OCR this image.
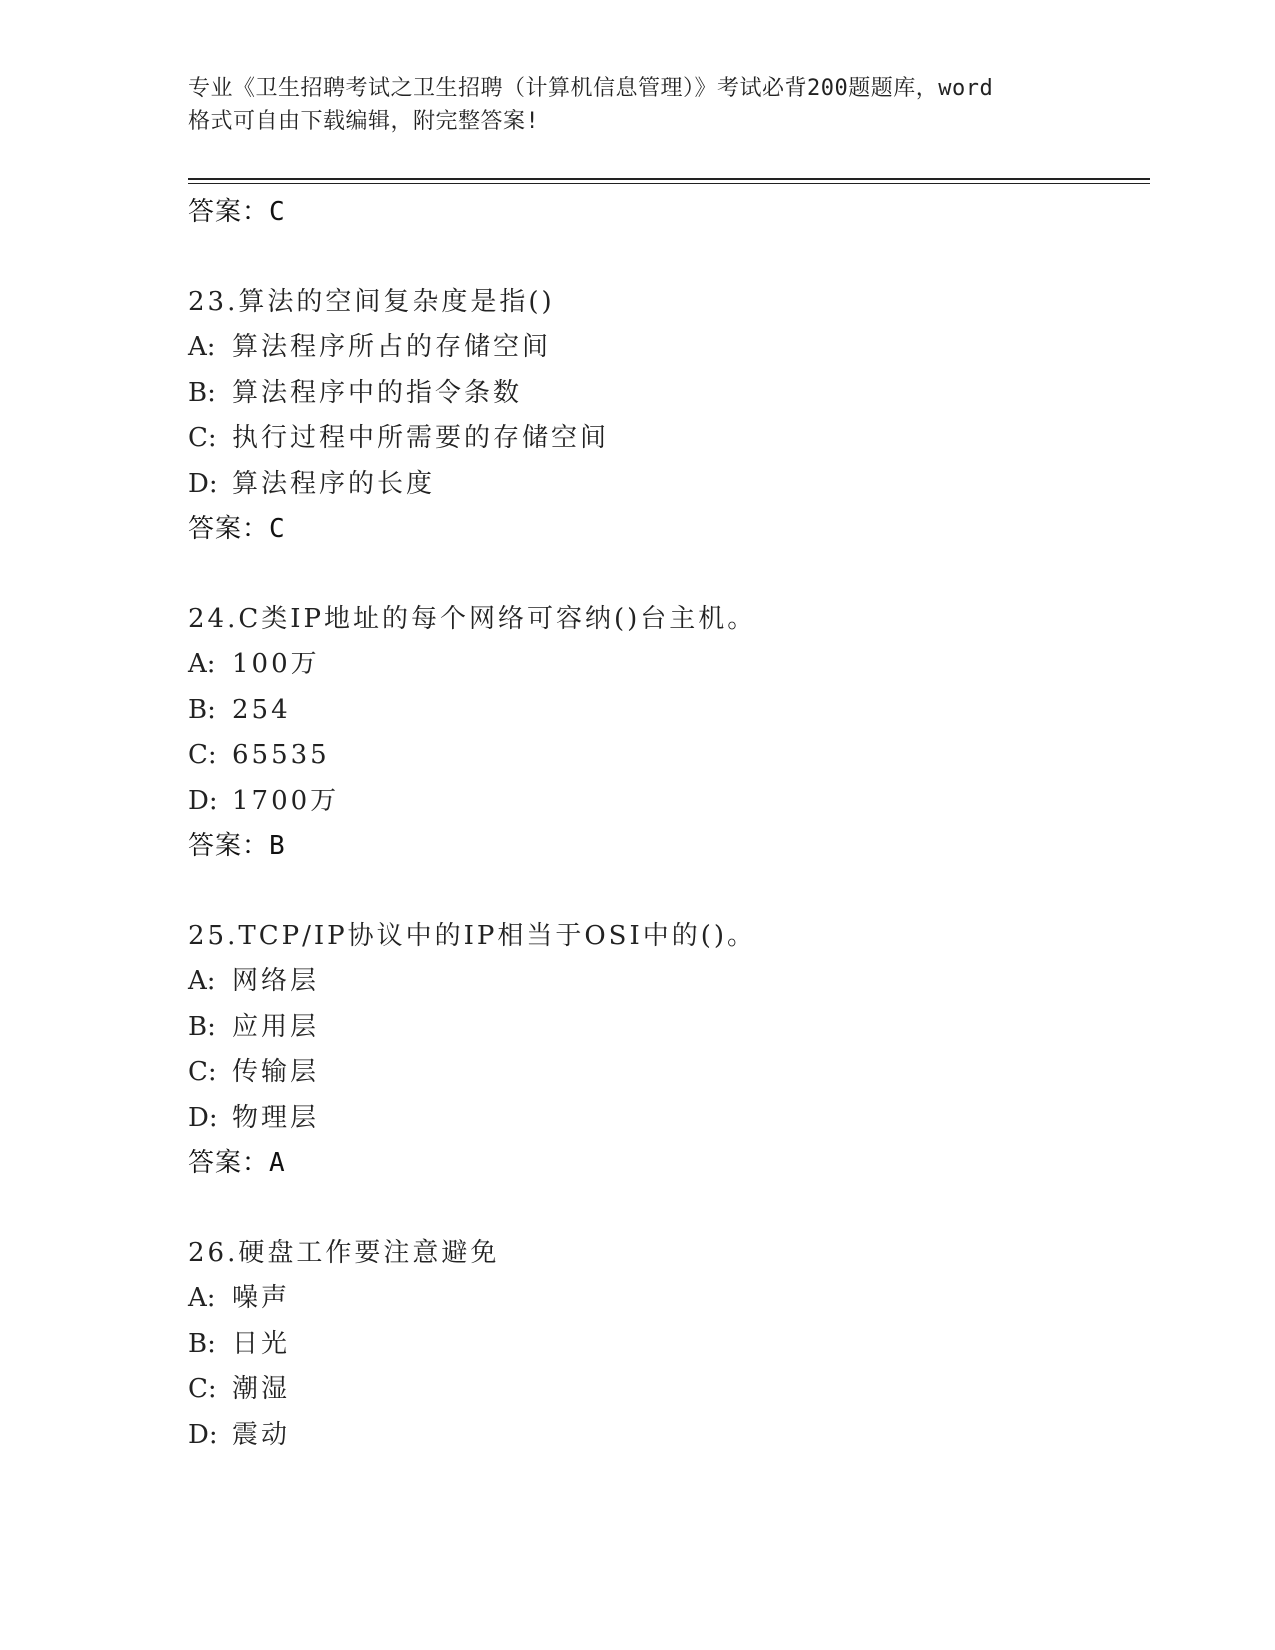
专业《卫生招聘考试之卫生招聘（计算机信息管理）》考试必背200题题库，word
格式可自由下载编辑，附完整答案!
答案：C
23.算法的空间复杂度是指()
A: 算法程序所占的存储空间
B: 算法程序中的指令条数
C: 执行过程中所需要的存储空间
D: 算法程序的长度
答案：C
24.C类IP地址的每个网络可容纳()台主机。
A: 100万
B: 254
C: 65535
D: 1700万
答案：B
25.TCP/IP协议中的IP相当于OSI中的()。
A: 网络层
B: 应用层
C: 传输层
D: 物理层
答案：A
26.硬盘工作要注意避免
A: 噪声
B: 日光
C: 潮湿
D: 震动
